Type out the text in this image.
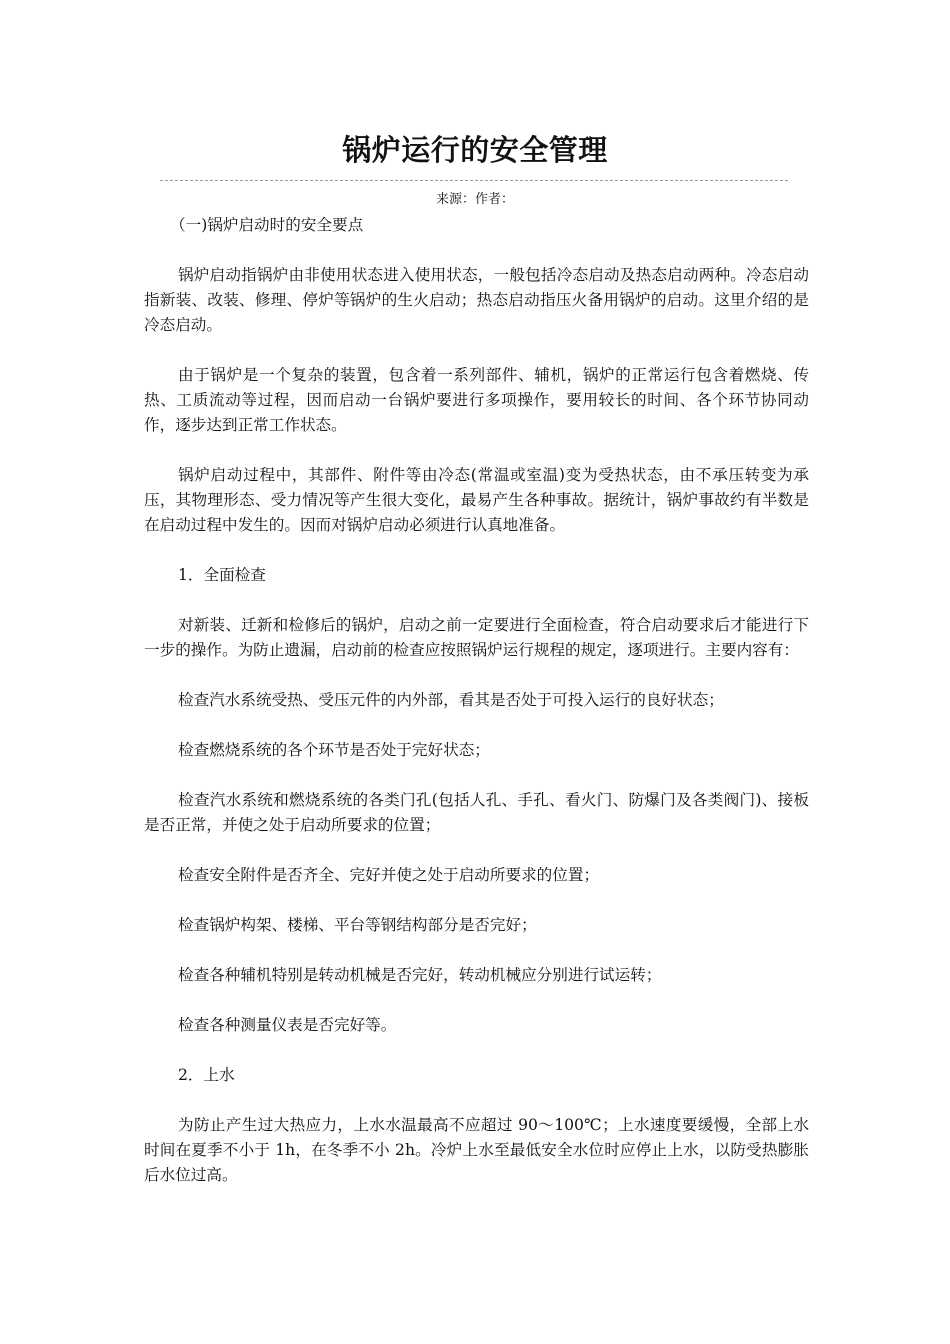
锅炉运行的安全管理
来源：作者：

（一)锅炉启动时的安全要点

锅炉启动指锅炉由非使用状态进入使用状态，一般包括冷态启动及热态启动两种。冷态启动指新装、改装、修理、停炉等锅炉的生火启动；热态启动指压火备用锅炉的启动。这里介绍的是冷态启动。

由于锅炉是一个复杂的装置，包含着一系列部件、辅机，锅炉的正常运行包含着燃烧、传热、工质流动等过程，因而启动一台锅炉要进行多项操作，要用较长的时间、各个环节协同动作，逐步达到正常工作状态。

锅炉启动过程中，其部件、附件等由冷态(常温或室温)变为受热状态，由不承压转变为承压，其物理形态、受力情况等产生很大变化，最易产生各种事故。据统计，锅炉事故约有半数是在启动过程中发生的。因而对锅炉启动必须进行认真地准备。

1．全面检查

对新装、迁新和检修后的锅炉，启动之前一定要进行全面检查，符合启动要求后才能进行下一步的操作。为防止遗漏，启动前的检查应按照锅炉运行规程的规定，逐项进行。主要内容有：

检查汽水系统受热、受压元件的内外部，看其是否处于可投入运行的良好状态；

检查燃烧系统的各个环节是否处于完好状态；

检查汽水系统和燃烧系统的各类门孔(包括人孔、手孔、看火门、防爆门及各类阀门)、接板是否正常，并使之处于启动所要求的位置；

检查安全附件是否齐全、完好并使之处于启动所要求的位置；

检查锅炉构架、楼梯、平台等钢结构部分是否完好；

检查各种辅机特别是转动机械是否完好，转动机械应分别进行试运转；

检查各种测量仪表是否完好等。

2．上水

为防止产生过大热应力，上水水温最高不应超过 90～100℃；上水速度要缓慢，全部上水时间在夏季不小于 1h，在冬季不小 2h。冷炉上水至最低安全水位时应停止上水，以防受热膨胀后水位过高。
